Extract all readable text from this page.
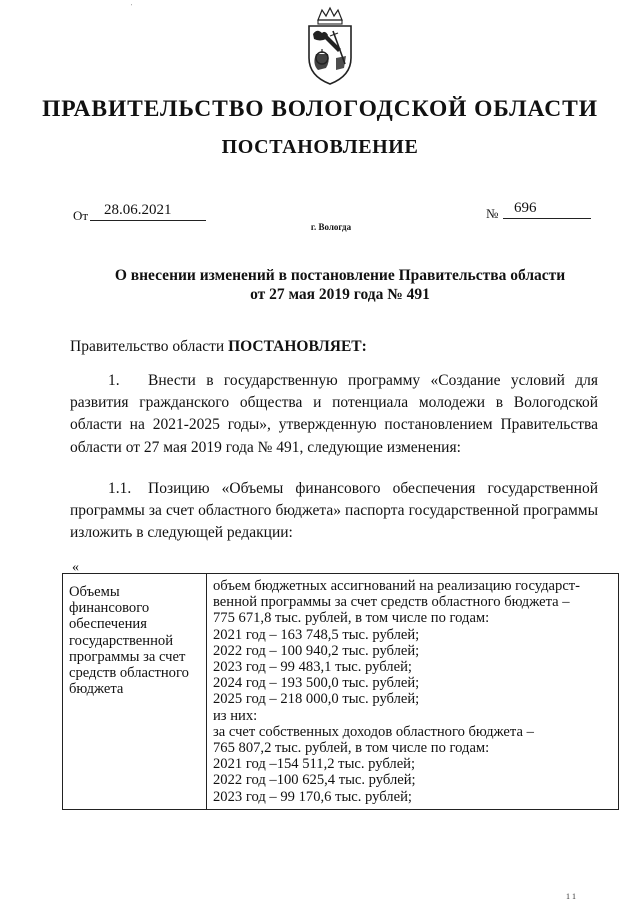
'
ПРАВИТЕЛЬСТВО ВОЛОГОДСКОЙ ОБЛАСТИ
ПОСТАНОВЛЕНИЕ
От	28.06.2021	№	696
г. Вологда
О внесении изменений в постановление Правительства области
от 27 мая 2019 года № 491
Правительство области ПОСТАНОВЛЯЕТ:
1. Внести в государственную программу «Создание условий для развития гражданского общества и потенциала молодежи в Вологодской области на 2021-2025 годы», утвержденную постановлением Правительства области от 27 мая 2019 года № 491, следующие изменения:
1.1. Позицию «Объемы финансового обеспечения государственной программы за счет областного бюджета» паспорта государственной программы изложить в следующей редакции:
«
Объемы
финансового
обеспечения
государственной
программы за счет
средств областного
бюджета

объем бюджетных ассигнований на реализацию государст-
венной программы за счет средств областного бюджета –
775 671,8 тыс. рублей, в том числе по годам:
2021 год – 163 748,5 тыс. рублей;
2022 год – 100 940,2 тыс. рублей;
2023 год – 99 483,1 тыс. рублей;
2024 год – 193 500,0 тыс. рублей;
2025 год – 218 000,0 тыс. рублей;
из них:
за счет собственных доходов областного бюджета –
765 807,2 тыс. рублей, в том числе по годам:
2021 год –154 511,2 тыс. рублей;
2022 год –100 625,4 тыс. рублей;
2023 год – 99 170,6 тыс. рублей;
1 1
